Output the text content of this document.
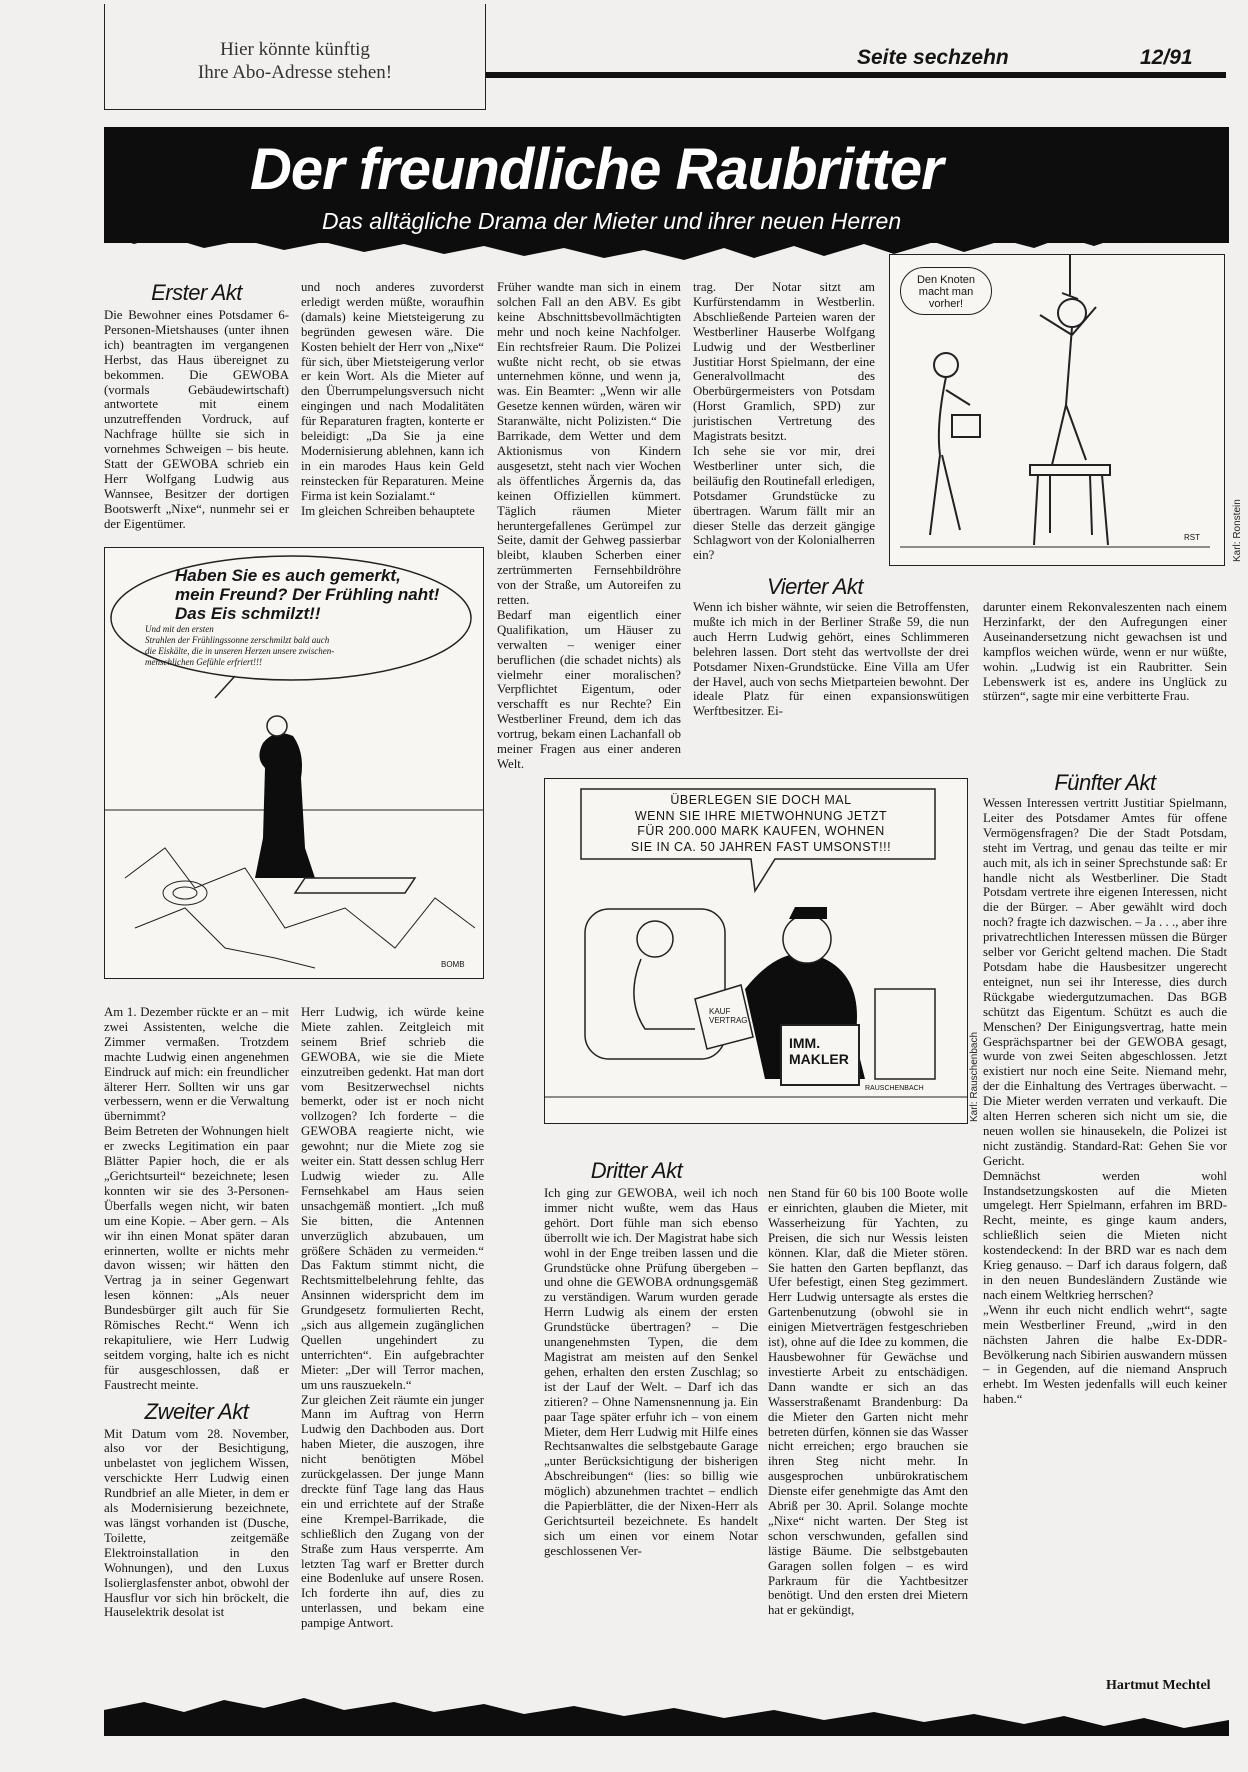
Hier könnte künftig
Ihre Abo-Adresse stehen!
Seite sechzehn	12/91
Der freundliche Raubritter
Das alltägliche Drama der Mieter und ihrer neuen Herren
Erster Akt

Die Bewohner eines Potsdamer 6-Personen-Mietshauses (unter ihnen ich) beantragten im vergangenen Herbst, das Haus übereignet zu bekommen. Die GEWOBA (vormals Gebäudewirtschaft) antwortete mit einem unzutreffenden Vordruck, auf Nachfrage hüllte sie sich in vornehmes Schweigen – bis heute. Statt der GEWOBA schrieb ein Herr Wolfgang Ludwig aus Wannsee, Besitzer der dortigen Bootswerft „Nixe“, nunmehr sei er der Eigentümer.

und noch anderes zuvorderst erledigt werden müßte, woraufhin (damals) keine Mietsteigerung zu begründen gewesen wäre. Die Kosten behielt der Herr von „Nixe“ für sich, über Mietsteigerung verlor er kein Wort. Als die Mieter auf den Überrumpelungsversuch nicht eingingen und nach Modalitäten für Reparaturen fragten, konterte er beleidigt: „Da Sie ja eine Modernisierung ablehnen, kann ich in ein marodes Haus kein Geld reinstecken für Reparaturen. Meine Firma ist kein Sozialamt.“

Im gleichen Schreiben behauptete

Früher wandte man sich in einem solchen Fall an den ABV. Es gibt keine Abschnittsbevollmächtigten mehr und noch keine Nachfolger. Ein rechtsfreier Raum. Die Polizei wußte nicht recht, ob sie etwas unternehmen könne, und wenn ja, was. Ein Beamter: „Wenn wir alle Gesetze kennen würden, wären wir Staranwälte, nicht Polizisten.“ Die Barrikade, dem Wetter und dem Aktionismus von Kindern ausgesetzt, steht nach vier Wochen als öffentliches Ärgernis da, das keinen Offiziellen kümmert. Täglich räumen Mieter heruntergefallenes Gerümpel zur Seite, damit der Gehweg passierbar bleibt, klauben Scherben einer zertrümmerten Fernsehbildröhre von der Straße, um Autoreifen zu retten.

Bedarf man eigentlich einer Qualifikation, um Häuser zu verwalten – weniger einer beruflichen (die schadet nichts) als vielmehr einer moralischen? Verpflichtet Eigentum, oder verschafft es nur Rechte? Ein Westberliner Freund, dem ich das vortrug, bekam einen Lachanfall ob meiner Fragen aus einer anderen Welt.

trag. Der Notar sitzt am Kurfürstendamm in Westberlin. Abschließende Parteien waren der Westberliner Hauserbe Wolfgang Ludwig und der Westberliner Justitiar Horst Spielmann, der eine Generalvollmacht des Oberbürgermeisters von Potsdam (Horst Gramlich, SPD) zur juristischen Vertretung des Magistrats besitzt.

Ich sehe sie vor mir, drei Westberliner unter sich, die beiläufig den Routinefall erledigen, Potsdamer Grundstücke zu übertragen. Warum fällt mir an dieser Stelle das derzeit gängige Schlagwort von der Kolonialherren ein?

Den Knoten
macht man
vorher!
RST	Karl: Ronstein
Haben Sie es auch gemerkt,
mein Freund? Der Frühling naht!
Das Eis schmilzt!!
Und mit den ersten
Strahlen der Frühlingssonne zerschmilzt bald auch
die Eiskälte, die in unseren Herzen unsere zwischen-
menschlichen Gefühle erfriert!!!
BOMB
Vierter Akt

Wenn ich bisher wähnte, wir seien die Betroffensten, mußte ich mich in der Berliner Straße 59, die nun auch Herrn Ludwig gehört, eines Schlimmeren belehren lassen. Dort steht das wertvollste der drei Potsdamer Nixen-Grundstücke. Eine Villa am Ufer der Havel, auch von sechs Mietparteien bewohnt. Der ideale Platz für einen expansionswütigen Werftbesitzer. Ei-

darunter einem Rekonvaleszenten nach einem Herzinfarkt, der den Aufregungen einer Auseinandersetzung nicht gewachsen ist und kampflos weichen würde, wenn er nur wüßte, wohin. „Ludwig ist ein Raubritter. Sein Lebenswerk ist es, andere ins Unglück zu stürzen“, sagte mir eine verbitterte Frau.

Fünfter Akt

Wessen Interessen vertritt Justitiar Spielmann, Leiter des Potsdamer Amtes für offene Vermögensfragen? Die der Stadt Potsdam, steht im Vertrag, und genau das teilte er mir auch mit, als ich in seiner Sprechstunde saß: Er handle nicht als Westberliner. Die Stadt Potsdam vertrete ihre eigenen Interessen, nicht die der Bürger. – Aber gewählt wird doch noch? fragte ich dazwischen. – Ja . . ., aber ihre privatrechtlichen Interessen müssen die Bürger selber vor Gericht geltend machen. Die Stadt Potsdam habe die Hausbesitzer ungerecht enteignet, nun sei ihr Interesse, dies durch Rückgabe wiedergutzumachen. Das BGB schützt das Eigentum. Schützt es auch die Menschen? Der Einigungsvertrag, hatte mein Gesprächspartner bei der GEWOBA gesagt, wurde von zwei Seiten abgeschlossen. Jetzt existiert nur noch eine Seite. Niemand mehr, der die Einhaltung des Vertrages überwacht. – Die Mieter werden verraten und verkauft. Die alten Herren scheren sich nicht um sie, die neuen wollen sie hinausekeln, die Polizei ist nicht zuständig. Standard-Rat: Gehen Sie vor Gericht.

Demnächst werden wohl Instandsetzungskosten auf die Mieten umgelegt. Herr Spielmann, erfahren im BRD-Recht, meinte, es ginge kaum anders, schließlich seien die Mieten nicht kostendeckend: In der BRD war es nach dem Krieg genauso. – Darf ich daraus folgern, daß in den neuen Bundesländern Zustände wie nach einem Weltkrieg herrschen?

„Wenn ihr euch nicht endlich wehrt“, sagte mein Westberliner Freund, „wird in den nächsten Jahren die halbe Ex-DDR-Bevölkerung nach Sibirien auswandern müssen – in Gegenden, auf die niemand Anspruch erhebt. Im Westen jedenfalls will euch keiner haben.“

ÜBERLEGEN SIE DOCH MAL
WENN SIE IHRE MIETWOHNUNG JETZT
FÜR 200.000 MARK KAUFEN, WOHNEN
SIE IN CA. 50 JAHREN FAST UMSONST!!!
KAUF
VERTRAG
IMM.
MAKLER
RAUSCHENBACH	Karl: Rauschenbach

Am 1. Dezember rückte er an – mit zwei Assistenten, welche die Zimmer vermaßen. Trotzdem machte Ludwig einen angenehmen Eindruck auf mich: ein freundlicher älterer Herr. Sollten wir uns gar verbessern, wenn er die Verwaltung übernimmt?

Beim Betreten der Wohnungen hielt er zwecks Legitimation ein paar Blätter Papier hoch, die er als „Gerichtsurteil“ bezeichnete; lesen konnten wir sie des 3-Personen-Überfalls wegen nicht, wir baten um eine Kopie. – Aber gern. – Als wir ihn einen Monat später daran erinnerten, wollte er nichts mehr davon wissen; wir hätten den Vertrag ja in seiner Gegenwart lesen können: „Als neuer Bundesbürger gilt auch für Sie Römisches Recht.“ Wenn ich rekapituliere, wie Herr Ludwig seitdem vorging, halte ich es nicht für ausgeschlossen, daß er Faustrecht meinte.

Zweiter Akt

Mit Datum vom 28. November, also vor der Besichtigung, unbelastet von jeglichem Wissen, verschickte Herr Ludwig einen Rundbrief an alle Mieter, in dem er als Modernisierung bezeichnete, was längst vorhanden ist (Dusche, Toilette, zeitgemäße Elektroinstallation in den Wohnungen), und den Luxus Isolierglasfenster anbot, obwohl der Hausflur vor sich hin bröckelt, die Hauselektrik desolat ist

Herr Ludwig, ich würde keine Miete zahlen. Zeitgleich mit seinem Brief schrieb die GEWOBA, wie sie die Miete einzutreiben gedenkt. Hat man dort vom Besitzerwechsel nichts bemerkt, oder ist er noch nicht vollzogen? Ich forderte – die GEWOBA reagierte nicht, wie gewohnt; nur die Miete zog sie weiter ein. Statt dessen schlug Herr Ludwig wieder zu. Alle Fernsehkabel am Haus seien unsachgemäß montiert. „Ich muß Sie bitten, die Antennen unverzüglich abzubauen, um größere Schäden zu vermeiden.“ Das Faktum stimmt nicht, die Rechtsmittelbelehrung fehlte, das Ansinnen widerspricht dem im Grundgesetz formulierten Recht, „sich aus allgemein zugänglichen Quellen ungehindert zu unterrichten“. Ein aufgebrachter Mieter: „Der will Terror machen, um uns rauszuekeln.“

Zur gleichen Zeit räumte ein junger Mann im Auftrag von Herrn Ludwig den Dachboden aus. Dort haben Mieter, die auszogen, ihre nicht benötigten Möbel zurückgelassen. Der junge Mann dreckte fünf Tage lang das Haus ein und errichtete auf der Straße eine Krempel-Barrikade, die schließlich den Zugang von der Straße zum Haus versperrte. Am letzten Tag warf er Bretter durch eine Bodenluke auf unsere Rosen. Ich forderte ihn auf, dies zu unterlassen, und bekam eine pampige Antwort.

Dritter Akt

Ich ging zur GEWOBA, weil ich noch immer nicht wußte, wem das Haus gehört. Dort fühle man sich ebenso überrollt wie ich. Der Magistrat habe sich wohl in der Enge treiben lassen und die Grundstücke ohne Prüfung übergeben – und ohne die GEWOBA ordnungsgemäß zu verständigen. Warum wurden gerade Herrn Ludwig als einem der ersten Grundstücke übertragen? – Die unangenehmsten Typen, die dem Magistrat am meisten auf den Senkel gehen, erhalten den ersten Zuschlag; so ist der Lauf der Welt. – Darf ich das zitieren? – Ohne Namensnennung ja. Ein paar Tage später erfuhr ich – von einem Mieter, dem Herr Ludwig mit Hilfe eines Rechtsanwaltes die selbstgebaute Garage „unter Berücksichtigung der bisherigen Abschreibungen“ (lies: so billig wie möglich) abzunehmen trachtet – endlich die Papierblätter, die der Nixen-Herr als Gerichtsurteil bezeichnete. Es handelt sich um einen vor einem Notar geschlossenen Ver-

nen Stand für 60 bis 100 Boote wolle er einrichten, glauben die Mieter, mit Wasserheizung für Yachten, zu Preisen, die sich nur Wessis leisten können. Klar, daß die Mieter stören. Sie hatten den Garten bepflanzt, das Ufer befestigt, einen Steg gezimmert. Herr Ludwig untersagte als erstes die Gartenbenutzung (obwohl sie in einigen Mietverträgen festgeschrieben ist), ohne auf die Idee zu kommen, die Hausbewohner für Gewächse und investierte Arbeit zu entschädigen. Dann wandte er sich an das Wasserstraßenamt Brandenburg: Da die Mieter den Garten nicht mehr betreten dürfen, können sie das Wasser nicht erreichen; ergo brauchen sie ihren Steg nicht mehr. In ausgesprochen unbürokratischem Dienste eifer genehmigte das Amt den Abriß per 30. April. Solange mochte „Nixe“ nicht warten. Der Steg ist schon verschwunden, gefallen sind lästige Bäume. Die selbstgebauten Garagen sollen folgen – es wird Parkraum für die Yachtbesitzer benötigt. Und den ersten drei Mietern hat er gekündigt,

Hartmut Mechtel
